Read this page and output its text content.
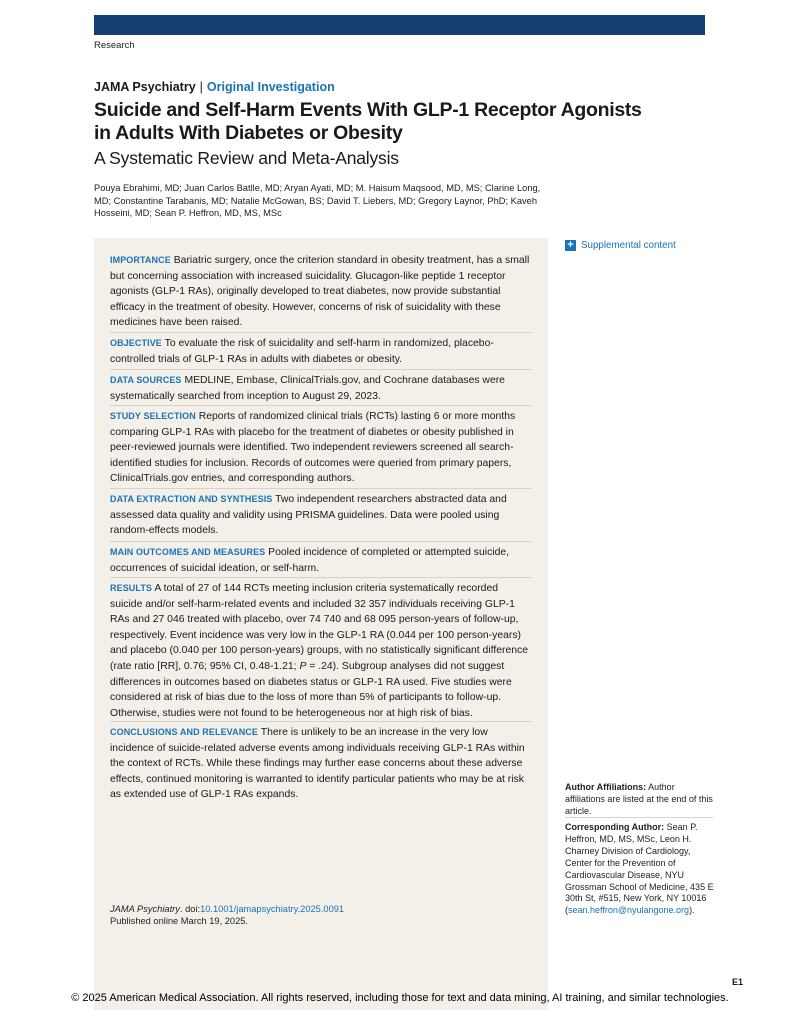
Research
JAMA Psychiatry | Original Investigation
Suicide and Self-Harm Events With GLP-1 Receptor Agonists
in Adults With Diabetes or Obesity
A Systematic Review and Meta-Analysis
Pouya Ebrahimi, MD; Juan Carlos Batlle, MD; Aryan Ayati, MD; M. Haisum Maqsood, MD, MS; Clarine Long, MD; Constantine Tarabanis, MD; Natalie McGowan, BS; David T. Liebers, MD; Gregory Laynor, PhD; Kaveh Hosseini, MD; Sean P. Heffron, MD, MS, MSc
IMPORTANCE Bariatric surgery, once the criterion standard in obesity treatment, has a small but concerning association with increased suicidality. Glucagon-like peptide 1 receptor agonists (GLP-1 RAs), originally developed to treat diabetes, now provide substantial efficacy in the treatment of obesity. However, concerns of risk of suicidality with these medicines have been raised.
OBJECTIVE To evaluate the risk of suicidality and self-harm in randomized, placebo-controlled trials of GLP-1 RAs in adults with diabetes or obesity.
DATA SOURCES MEDLINE, Embase, ClinicalTrials.gov, and Cochrane databases were systematically searched from inception to August 29, 2023.
STUDY SELECTION Reports of randomized clinical trials (RCTs) lasting 6 or more months comparing GLP-1 RAs with placebo for the treatment of diabetes or obesity published in peer-reviewed journals were identified. Two independent reviewers screened all search-identified studies for inclusion. Records of outcomes were queried from primary papers, ClinicalTrials.gov entries, and corresponding authors.
DATA EXTRACTION AND SYNTHESIS Two independent researchers abstracted data and assessed data quality and validity using PRISMA guidelines. Data were pooled using random-effects models.
MAIN OUTCOMES AND MEASURES Pooled incidence of completed or attempted suicide, occurrences of suicidal ideation, or self-harm.
RESULTS A total of 27 of 144 RCTs meeting inclusion criteria systematically recorded suicide and/or self-harm-related events and included 32 357 individuals receiving GLP-1 RAs and 27 046 treated with placebo, over 74 740 and 68 095 person-years of follow-up, respectively. Event incidence was very low in the GLP-1 RA (0.044 per 100 person-years) and placebo (0.040 per 100 person-years) groups, with no statistically significant difference (rate ratio [RR], 0.76; 95% CI, 0.48-1.21; P = .24). Subgroup analyses did not suggest differences in outcomes based on diabetes status or GLP-1 RA used. Five studies were considered at risk of bias due to the loss of more than 5% of participants to follow-up. Otherwise, studies were not found to be heterogeneous nor at high risk of bias.
CONCLUSIONS AND RELEVANCE There is unlikely to be an increase in the very low incidence of suicide-related adverse events among individuals receiving GLP-1 RAs within the context of RCTs. While these findings may further ease concerns about these adverse effects, continued monitoring is warranted to identify particular patients who may be at risk as extended use of GLP-1 RAs expands.
JAMA Psychiatry. doi:10.1001/jamapsychiatry.2025.0091
Published online March 19, 2025.
+ Supplemental content
Author Affiliations: Author affiliations are listed at the end of this article.
Corresponding Author: Sean P. Heffron, MD, MS, MSc, Leon H. Charney Division of Cardiology, Center for the Prevention of Cardiovascular Disease, NYU Grossman School of Medicine, 435 E 30th St, #515, New York, NY 10016 (sean.heffron@nyulangone.org).
E1
© 2025 American Medical Association. All rights reserved, including those for text and data mining, AI training, and similar technologies.
